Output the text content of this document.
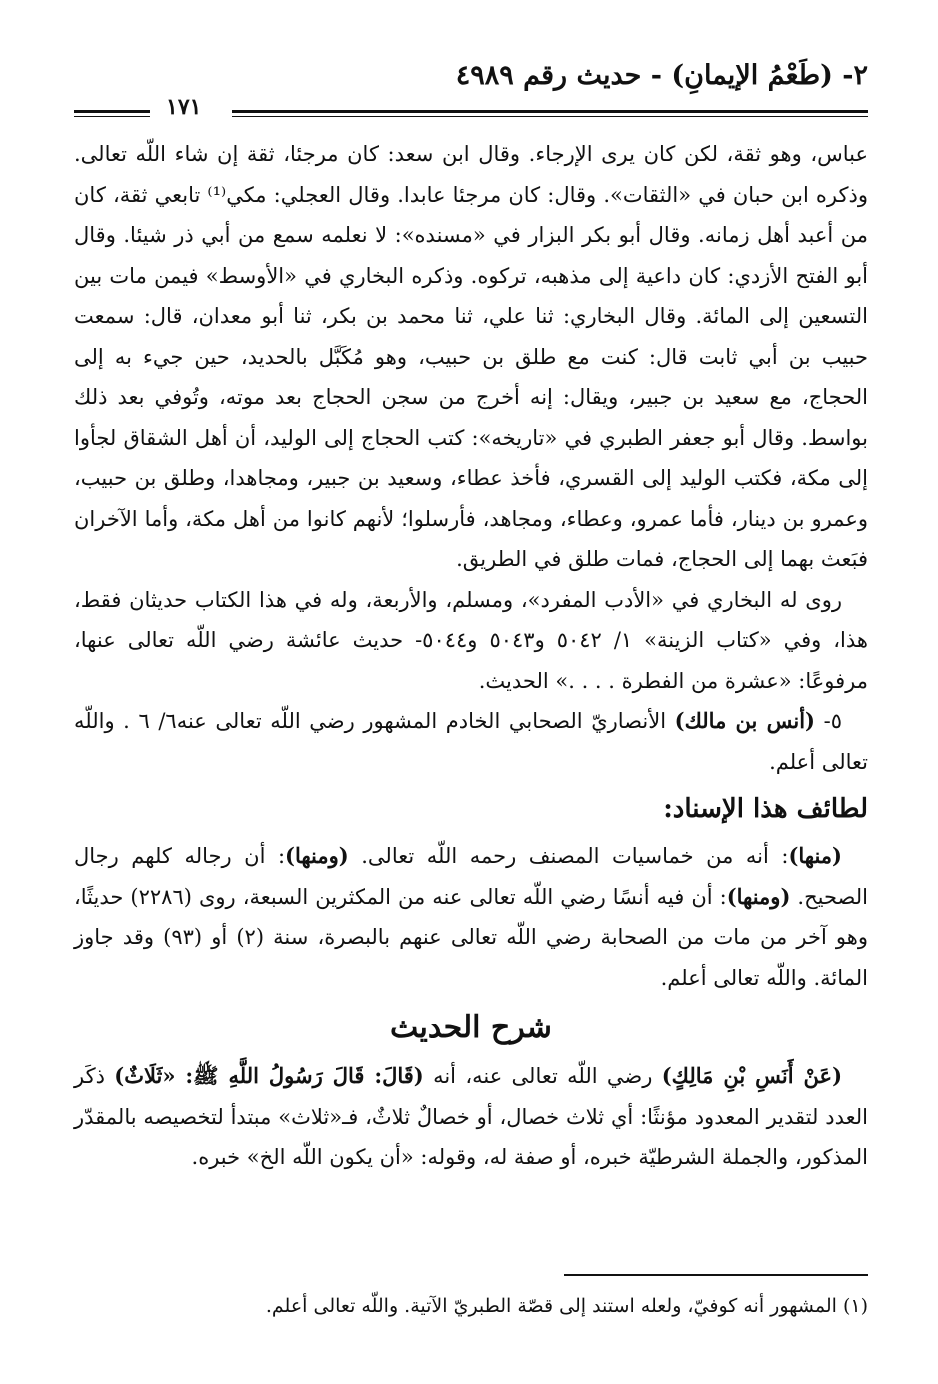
٢- (طَعْمُ الإيمانِ) - حديث رقم ٤٩٨٩
١٧١

عباس، وهو ثقة، لكن كان يرى الإرجاء. وقال ابن سعد: كان مرجئا، ثقة إن شاء اللّه تعالى. وذكره ابن حبان في «الثقات». وقال: كان مرجئا عابدا. وقال العجلي: مكي⁽¹⁾ تابعي ثقة، كان من أعبد أهل زمانه. وقال أبو بكر البزار في «مسنده»: لا نعلمه سمع من أبي ذر شيئا. وقال أبو الفتح الأزدي: كان داعية إلى مذهبه، تركوه. وذكره البخاري في «الأوسط» فيمن مات بين التسعين إلى المائة. وقال البخاري: ثنا علي، ثنا محمد بن بكر، ثنا أبو معدان، قال: سمعت حبيب بن أبي ثابت قال: كنت مع طلق بن حبيب، وهو مُكَبَّل بالحديد، حين جيء به إلى الحجاج، مع سعيد بن جبير، ويقال: إنه أخرج من سجن الحجاج بعد موته، وتُوفي بعد ذلك بواسط. وقال أبو جعفر الطبري في «تاريخه»: كتب الحجاج إلى الوليد، أن أهل الشقاق لجأوا إلى مكة، فكتب الوليد إلى القسري، فأخذ عطاء، وسعيد بن جبير، ومجاهدا، وطلق بن حبيب، وعمرو بن دينار، فأما عمرو، وعطاء، ومجاهد، فأرسلوا؛ لأنهم كانوا من أهل مكة، وأما الآخران فبَعث بهما إلى الحجاج، فمات طلق في الطريق.

روى له البخاري في «الأدب المفرد»، ومسلم، والأربعة، وله في هذا الكتاب حديثان فقط، هذا، وفي «كتاب الزينة» ١/ ٥٠٤٢ و٥٠٤٣ و٥٠٤٤- حديث عائشة رضي اللّه تعالى عنها، مرفوعًا: «عشرة من الفطرة . . . .» الحديث.

٥- (أنس بن مالك) الأنصاريّ الصحابي الخادم المشهور رضي اللّه تعالى عنه٦/ ٦ . واللّه تعالى أعلم.

لطائف هذا الإسناد:

(منها): أنه من خماسيات المصنف رحمه اللّه تعالى. (ومنها): أن رجاله كلهم رجال الصحيح. (ومنها): أن فيه أنسًا رضي اللّه تعالى عنه من المكثرين السبعة، روى (٢٢٨٦) حديثًا، وهو آخر من مات من الصحابة رضي اللّه تعالى عنهم بالبصرة، سنة (٢) أو (٩٣) وقد جاوز المائة. واللّه تعالى أعلم.

شرح الحديث

(عَنْ أَنَسِ بْنِ مَالِكٍ) رضي اللّه تعالى عنه، أنه (قَالَ: قَالَ رَسُولُ اللَّهِ ﷺ: «ثَلَاثٌ) ذكَر العدد لتقدير المعدود مؤنثًا: أي ثلاث خصال، أو خصالٌ ثلاثٌ، فـ«ثلاث» مبتدأ لتخصيصه بالمقدّر المذكور، والجملة الشرطيّة خبره، أو صفة له، وقوله: «أن يكون اللّه الخ» خبره.

(١) المشهور أنه كوفيّ، ولعله استند إلى قصّة الطبريّ الآتية. واللّه تعالى أعلم.
